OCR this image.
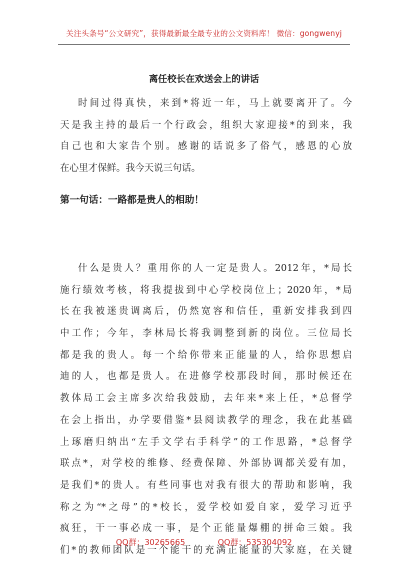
关注头条号“公文研究”，获得最新最全最专业的公文资料库！ 微信：gongwenyj
离任校长在欢送会上的讲话
时间过得真快，来到*将近一年，马上就要离开了。今
天是我主持的最后一个行政会，组织大家迎接*的到来，我
自己也和大家告个别。感谢的话说多了俗气，感恩的心放
在心里才保鲜。我今天说三句话。
第一句话：一路都是贵人的相助！
什么是贵人？重用你的人一定是贵人。2012年，*局长
施行绩效考核，将我提拔到中心学校岗位上；2020年，*局
长在我被迷贵调离后，仍然宽容和信任，重新安排我到四
中工作；今年，李林局长将我调整到新的岗位。三位局长
都是我的贵人。每一个给你带来正能量的人，给你思想启
迪的人，也都是贵人。在进修学校那段时间，那时候还在
教体局工会主席多次给我鼓励，去年来*来上任，*总督学
在会上指出，办学要借鉴*县阅读教学的理念，我在此基础
上琢磨归纳出“左手文学右手科学”的工作思路，*总督学
联点*，对学校的维修、经费保障、外部协调都关爱有加，
是我们*的贵人。有些同事也对我有很大的帮助和影响，我
称之为“*之母”的*校长，爱学校如爱自家，爱学习近乎
疯狂，干一事必成一事，是个正能量爆棚的拼命三娘。我
们*的教师团队是一个能干的充满正能量的大家庭，在关键
QQ群：30265665	QQ群：535304092
